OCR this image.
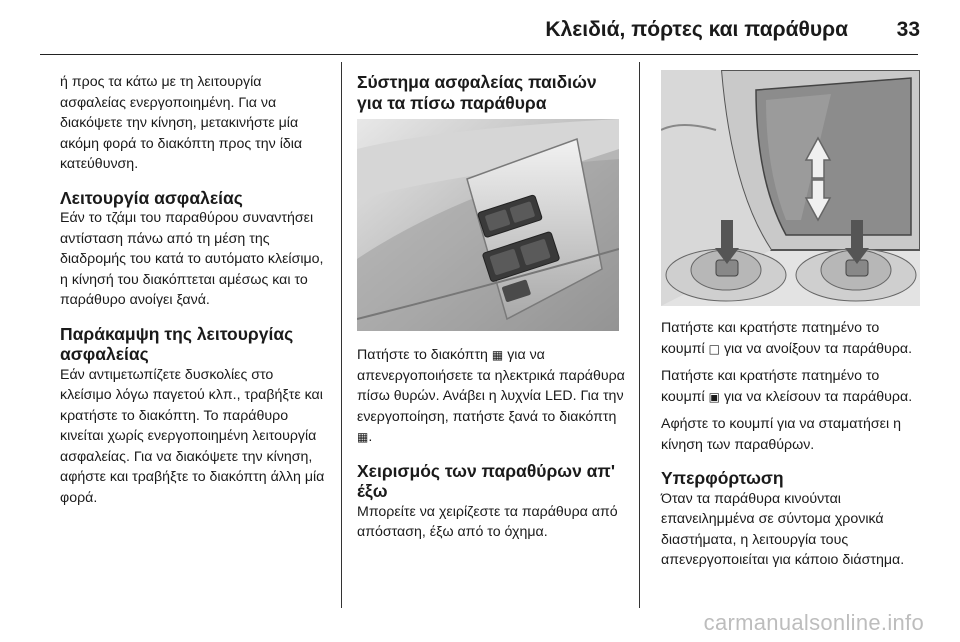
Κλειδιά, πόρτες και παράθυρα 33

ή προς τα κάτω με τη λειτουργία ασφαλείας ενεργοποιημένη. Για να διακόψετε την κίνηση, μετακινήστε μία ακόμη φορά το διακόπτη προς την ίδια κατεύθυνση.

Λειτουργία ασφαλείας

Εάν το τζάμι του παραθύρου συναντήσει αντίσταση πάνω από τη μέση της διαδρομής του κατά το αυτόματο κλείσιμο, η κίνησή του διακόπτεται αμέσως και το παράθυρο ανοίγει ξανά.

Παράκαμψη της λειτουργίας ασφαλείας

Εάν αντιμετωπίζετε δυσκολίες στο κλείσιμο λόγω παγετού κλπ., τραβήξτε και κρατήστε το διακόπτη. Το παράθυρο κινείται χωρίς ενεργοποιημένη λειτουργία ασφαλείας. Για να διακόψετε την κίνηση, αφήστε και τραβήξτε το διακόπτη άλλη μία φορά.

Σύστημα ασφαλείας παιδιών για τα πίσω παράθυρα

Πατήστε το διακόπτη ▦ για να απενεργοποιήσετε τα ηλεκτρικά παράθυρα πίσω θυρών. Ανάβει η λυχνία LED. Για την ενεργοποίηση, πατήστε ξανά το διακόπτη ▦.

Χειρισμός των παραθύρων απ' έξω

Μπορείτε να χειρίζεστε τα παράθυρα από απόσταση, έξω από το όχημα.

Πατήστε και κρατήστε πατημένο το κουμπί □ για να ανοίξουν τα παράθυρα.

Πατήστε και κρατήστε πατημένο το κουμπί ▣ για να κλείσουν τα παράθυρα.

Αφήστε το κουμπί για να σταματήσει η κίνηση των παραθύρων.

Υπερφόρτωση

Όταν τα παράθυρα κινούνται επανειλημμένα σε σύντομα χρονικά διαστήματα, η λειτουργία τους απενεργοποιείται για κάποιο διάστημα.

carmanualsonline.info
